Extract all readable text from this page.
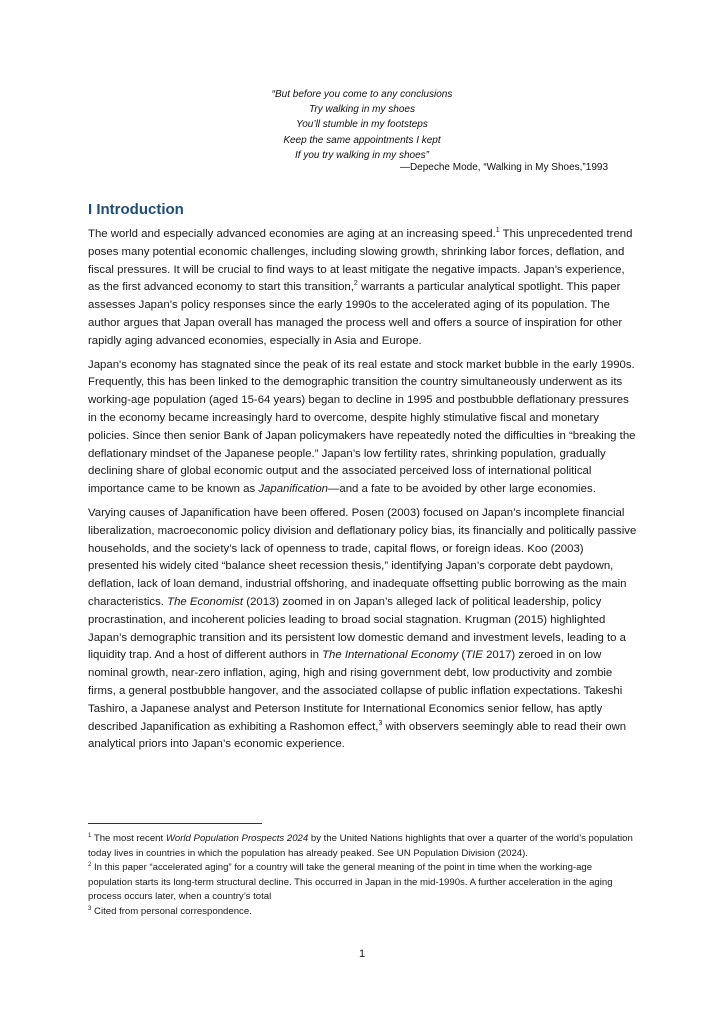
“But before you come to any conclusions
Try walking in my shoes
You’ll stumble in my footsteps
Keep the same appointments I kept
If you try walking in my shoes”
—Depeche Mode, “Walking in My Shoes,”1993
I Introduction

The world and especially advanced economies are aging at an increasing speed.$^1$ This unprecedented trend poses many potential economic challenges, including slowing growth, shrinking labor forces, deflation, and fiscal pressures. It will be crucial to find ways to at least mitigate the negative impacts. Japan’s experience, as the first advanced economy to start this transition,$^2$ warrants a particular analytical spotlight. This paper assesses Japan’s policy responses since the early 1990s to the accelerated aging of its population. The author argues that Japan overall has managed the process well and offers a source of inspiration for other rapidly aging advanced economies, especially in Asia and Europe.

Japan's economy has stagnated since the peak of its real estate and stock market bubble in the early 1990s. Frequently, this has been linked to the demographic transition the country simultaneously underwent as its working-age population (aged 15-64 years) began to decline in 1995 and postbubble deflationary pressures in the economy became increasingly hard to overcome, despite highly stimulative fiscal and monetary policies. Since then senior Bank of Japan policymakers have repeatedly noted the difficulties in “breaking the deflationary mindset of the Japanese people.” Japan’s low fertility rates, shrinking population, gradually declining share of global economic output and the associated perceived loss of international political importance came to be known as Japanification—and a fate to be avoided by other large economies.

Varying causes of Japanification have been offered. Posen (2003) focused on Japan’s incomplete financial liberalization, macroeconomic policy division and deflationary policy bias, its financially and politically passive households, and the society’s lack of openness to trade, capital flows, or foreign ideas. Koo (2003) presented his widely cited “balance sheet recession thesis,” identifying Japan’s corporate debt paydown, deflation, lack of loan demand, industrial offshoring, and inadequate offsetting public borrowing as the main characteristics. The Economist (2013) zoomed in on Japan’s alleged lack of political leadership, policy procrastination, and incoherent policies leading to broad social stagnation. Krugman (2015) highlighted Japan’s demographic transition and its persistent low domestic demand and investment levels, leading to a liquidity trap. And a host of different authors in The International Economy (TIE 2017) zeroed in on low nominal growth, near-zero inflation, aging, high and rising government debt, low productivity and zombie firms, a general postbubble hangover, and the associated collapse of public inflation expectations. Takeshi Tashiro, a Japanese analyst and Peterson Institute for International Economics senior fellow, has aptly described Japanification as exhibiting a Rashomon effect,$^3$ with observers seemingly able to read their own analytical priors into Japan’s economic experience.

$^1$ The most recent World Population Prospects 2024 by the United Nations highlights that over a quarter of the world’s population today lives in countries in which the population has already peaked. See UN Population Division (2024).

$^2$ In this paper “accelerated aging” for a country will take the general meaning of the point in time when the working-age population starts its long-term structural decline. This occurred in Japan in the mid-1990s. A further acceleration in the aging process occurs later, when a country’s total

$^3$ Cited from personal correspondence.

1
